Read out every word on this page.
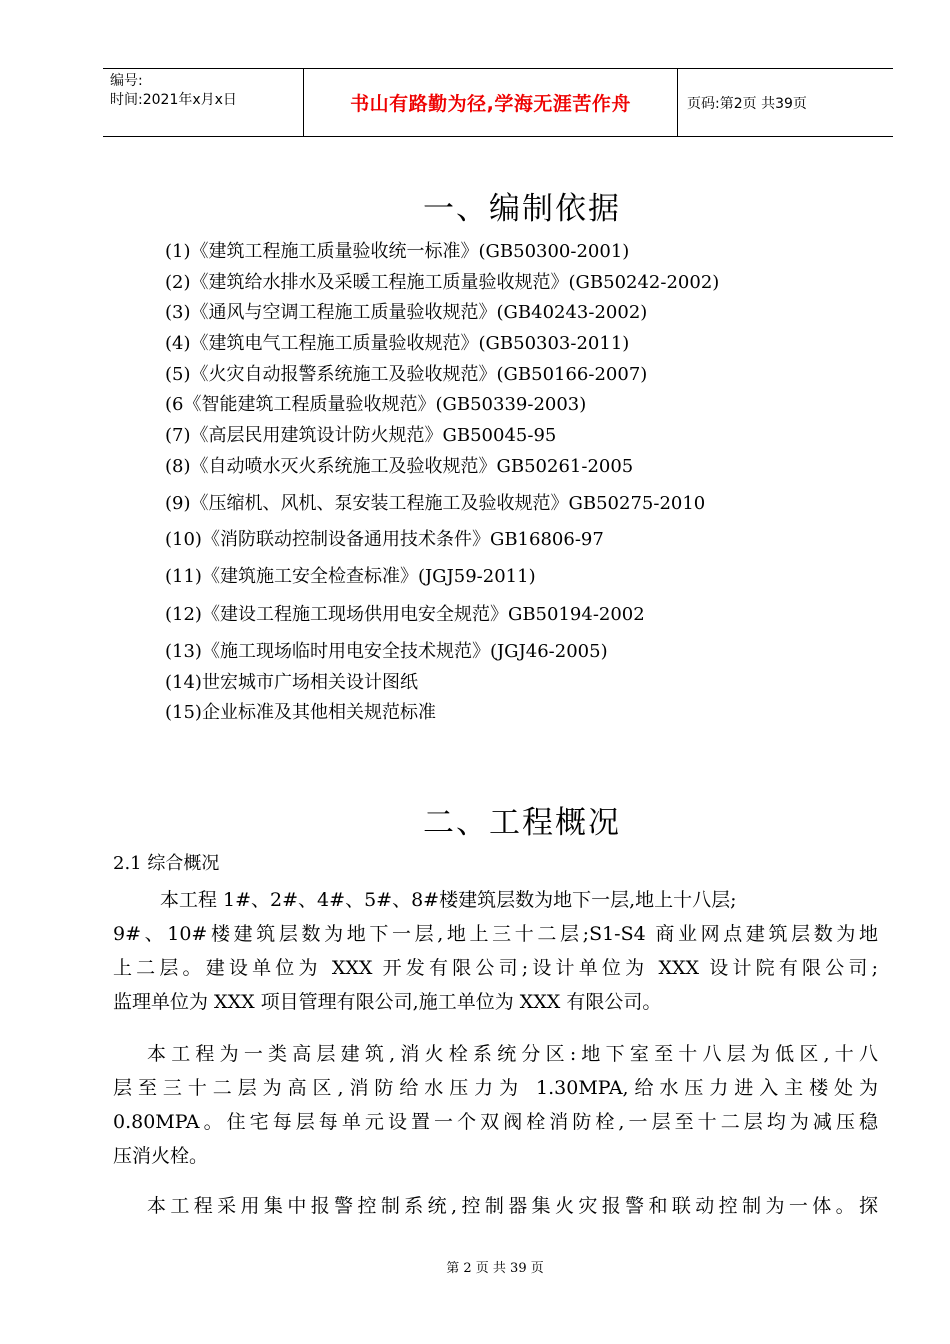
编号:
时间:2021年x月x日	书山有路勤为径,学海无涯苦作舟	页码:第2页 共39页
一、编制依据
(1)《建筑工程施工质量验收统一标准》(GB50300-2001)
(2)《建筑给水排水及采暖工程施工质量验收规范》(GB50242-2002)
(3)《通风与空调工程施工质量验收规范》(GB40243-2002)
(4)《建筑电气工程施工质量验收规范》(GB50303-2011)
(5)《火灾自动报警系统施工及验收规范》(GB50166-2007)
(6《智能建筑工程质量验收规范》(GB50339-2003)
(7)《高层民用建筑设计防火规范》GB50045-95
(8)《自动喷水灭火系统施工及验收规范》GB50261-2005
(9)《压缩机、风机、泵安装工程施工及验收规范》GB50275-2010
(10)《消防联动控制设备通用技术条件》GB16806-97
(11)《建筑施工安全检查标准》(JGJ59-2011)
(12)《建设工程施工现场供用电安全规范》GB50194-2002
(13)《施工现场临时用电安全技术规范》(JGJ46-2005)
(14)世宏城市广场相关设计图纸
(15)企业标准及其他相关规范标准
二、工程概况
2.1 综合概况

本工程 1#、2#、4#、5#、8#楼建筑层数为地下一层,地上十八层;
9#、10#楼建筑层数为地下一层,地上三十二层;S1-S4 商业网点建筑层数为地
上二层。建设单位为 XXX 开发有限公司;设计单位为 XXX 设计院有限公司;
监理单位为 XXX 项目管理有限公司,施工单位为 XXX 有限公司。

本工程为一类高层建筑,消火栓系统分区:地下室至十八层为低区,十八
层至三十二层为高区,消防给水压力为 1.30MPA,给水压力进入主楼处为
0.80MPA。住宅每层每单元设置一个双阀栓消防栓,一层至十二层均为减压稳
压消火栓。

本工程采用集中报警控制系统,控制器集火灾报警和联动控制为一体。探

第 2 页 共 39 页
